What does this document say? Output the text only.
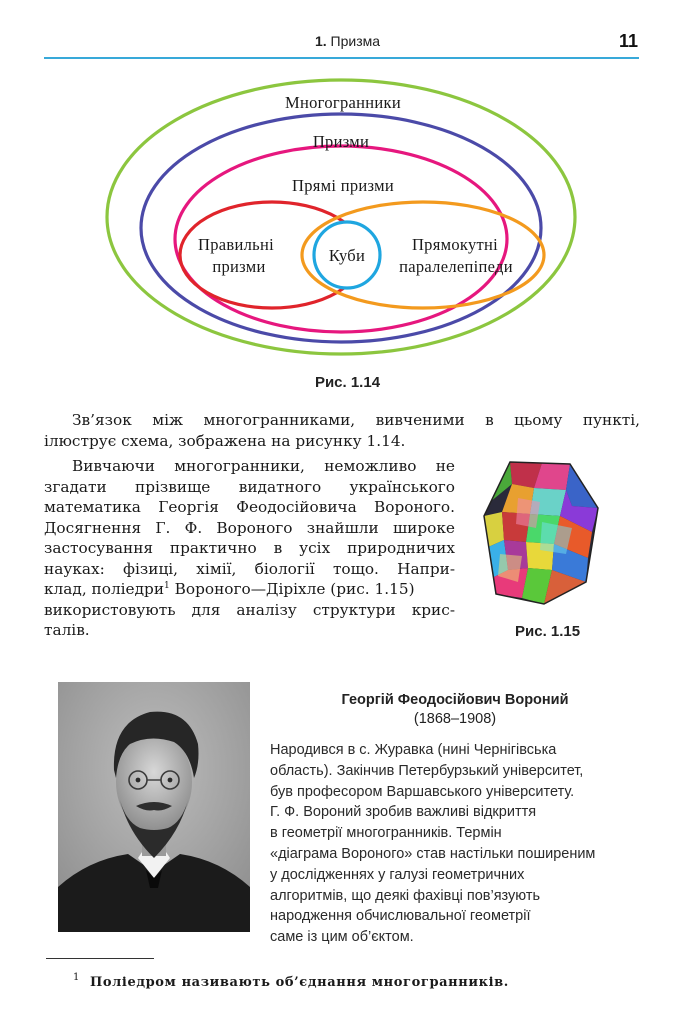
1. Призма	11
Многогранники
Призми
Прямі призми
Правильні
призми
Куби
Прямокутні
паралелепіпеди
Рис. 1.14
Зв’язок між многогранниками, вивченими в цьому пункті,
ілюструє схема, зображена на рисунку 1.14.
Вивчаючи многогранники, неможливо не
згадати прізвище видатного українського
математика Георгія Феодосійовича Вороного.
Досягнення Г. Ф. Вороного знайшли широке
застосування практично в усіх природничих
науках: фізиці, хімії, біології тощо. Напри-
клад, поліедри$^1$ Вороного—Діріхле (рис. 1.15)
використовують для аналізу структури крис-
талів.	Рис. 1.15
Георгій Феодосійович Вороний
(1868–1908)
Народився в с. Журавка (нині Чернігівська
область). Закінчив Петербурзький університет,
був професором Варшавського університету.
Г. Ф. Вороний зробив важливі відкриття
в геометрії многогранників. Термін
«діаграма Вороного» став настільки поширеним
у дослідженнях у галузі геометричних
алгоритмів, що деякі фахівці пов’язують
народження обчислювальної геометрії
саме із цим об’єктом.
1 Поліедром називають об’єднання многогранників.
